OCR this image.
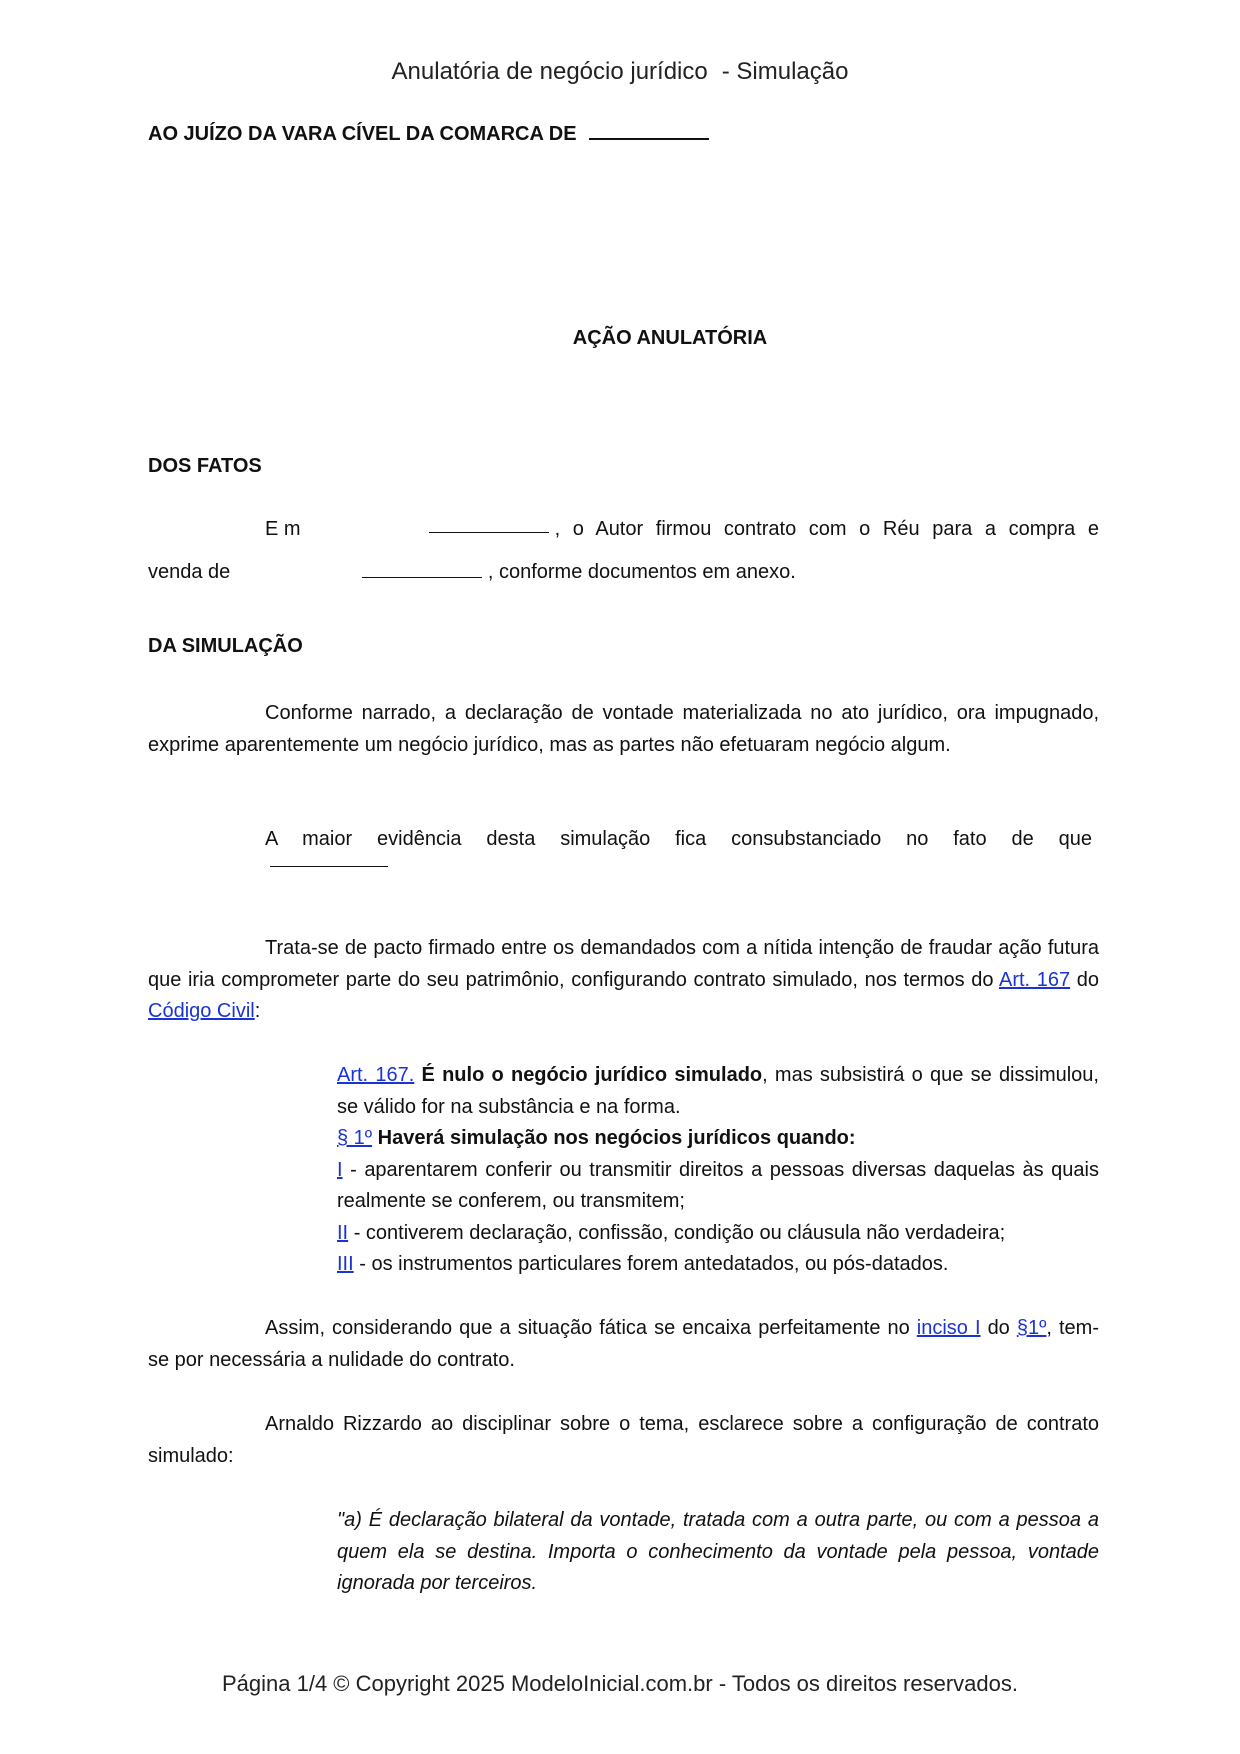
Anulatória de negócio jurídico - Simulação
AO JUÍZO DA VARA CÍVEL DA COMARCA DE
AÇÃO ANULATÓRIA
DOS FATOS
E m	, o Autor firmou contrato com o Réu para a compra e
venda de	, conforme documentos em anexo.
DA SIMULAÇÃO
Conforme narrado, a declaração de vontade materializada no ato jurídico, ora impugnado, exprime aparentemente um negócio jurídico, mas as partes não efetuaram negócio algum.
A maior evidência desta simulação fica consubstanciado no fato de que
Trata-se de pacto firmado entre os demandados com a nítida intenção de fraudar ação futura que iria comprometer parte do seu patrimônio, configurando contrato simulado, nos termos do Art. 167 do Código Civil:
Art. 167. É nulo o negócio jurídico simulado, mas subsistirá o que se dissimulou, se válido for na substância e na forma.
§ 1º Haverá simulação nos negócios jurídicos quando:
I - aparentarem conferir ou transmitir direitos a pessoas diversas daquelas às quais realmente se conferem, ou transmitem;
II - contiverem declaração, confissão, condição ou cláusula não verdadeira;
III - os instrumentos particulares forem antedatados, ou pós-datados.
Assim, considerando que a situação fática se encaixa perfeitamente no inciso I do §1º, tem-se por necessária a nulidade do contrato.
Arnaldo Rizzardo ao disciplinar sobre o tema, esclarece sobre a configuração de contrato simulado:
"a) É declaração bilateral da vontade, tratada com a outra parte, ou com a pessoa a quem ela se destina. Importa o conhecimento da vontade pela pessoa, vontade ignorada por terceiros.
Página 1/4 © Copyright 2025 ModeloInicial.com.br - Todos os direitos reservados.
